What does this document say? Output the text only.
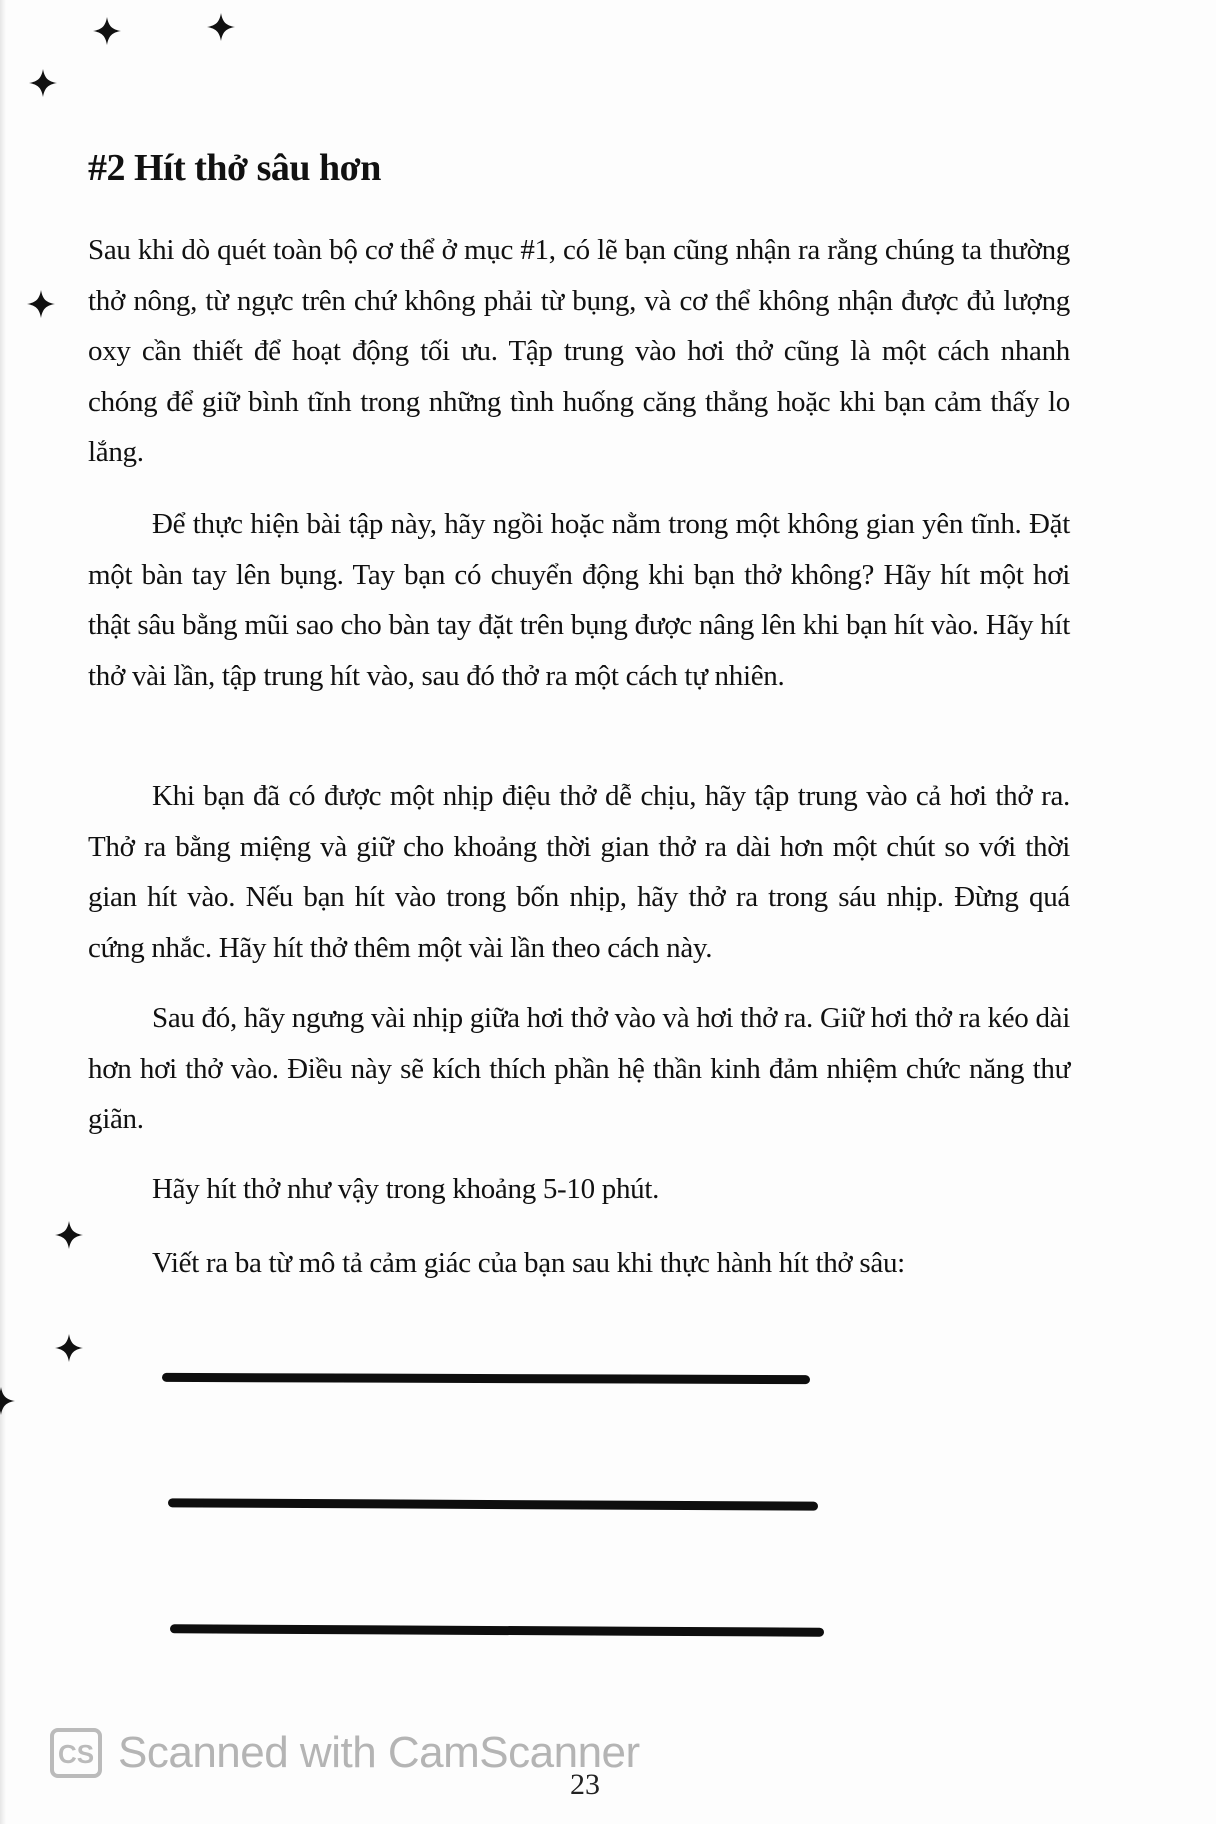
#2 Hít thở sâu hơn

Sau khi dò quét toàn bộ cơ thể ở mục #1, có lẽ bạn cũng nhận ra rằng chúng ta thường thở nông, từ ngực trên chứ không phải từ bụng, và cơ thể không nhận được đủ lượng oxy cần thiết để hoạt động tối ưu. Tập trung vào hơi thở cũng là một cách nhanh chóng để giữ bình tĩnh trong những tình huống căng thẳng hoặc khi bạn cảm thấy lo lắng.

Để thực hiện bài tập này, hãy ngồi hoặc nằm trong một không gian yên tĩnh. Đặt một bàn tay lên bụng. Tay bạn có chuyển động khi bạn thở không? Hãy hít một hơi thật sâu bằng mũi sao cho bàn tay đặt trên bụng được nâng lên khi bạn hít vào. Hãy hít thở vài lần, tập trung hít vào, sau đó thở ra một cách tự nhiên.

Khi bạn đã có được một nhịp điệu thở dễ chịu, hãy tập trung vào cả hơi thở ra. Thở ra bằng miệng và giữ cho khoảng thời gian thở ra dài hơn một chút so với thời gian hít vào. Nếu bạn hít vào trong bốn nhịp, hãy thở ra trong sáu nhịp. Đừng quá cứng nhắc. Hãy hít thở thêm một vài lần theo cách này.

Sau đó, hãy ngưng vài nhịp giữa hơi thở vào và hơi thở ra. Giữ hơi thở ra kéo dài hơn hơi thở vào. Điều này sẽ kích thích phần hệ thần kinh đảm nhiệm chức năng thư giãn.

Hãy hít thở như vậy trong khoảng 5-10 phút.

Viết ra ba từ mô tả cảm giác của bạn sau khi thực hành hít thở sâu:

CS Scanned with CamScanner
23
